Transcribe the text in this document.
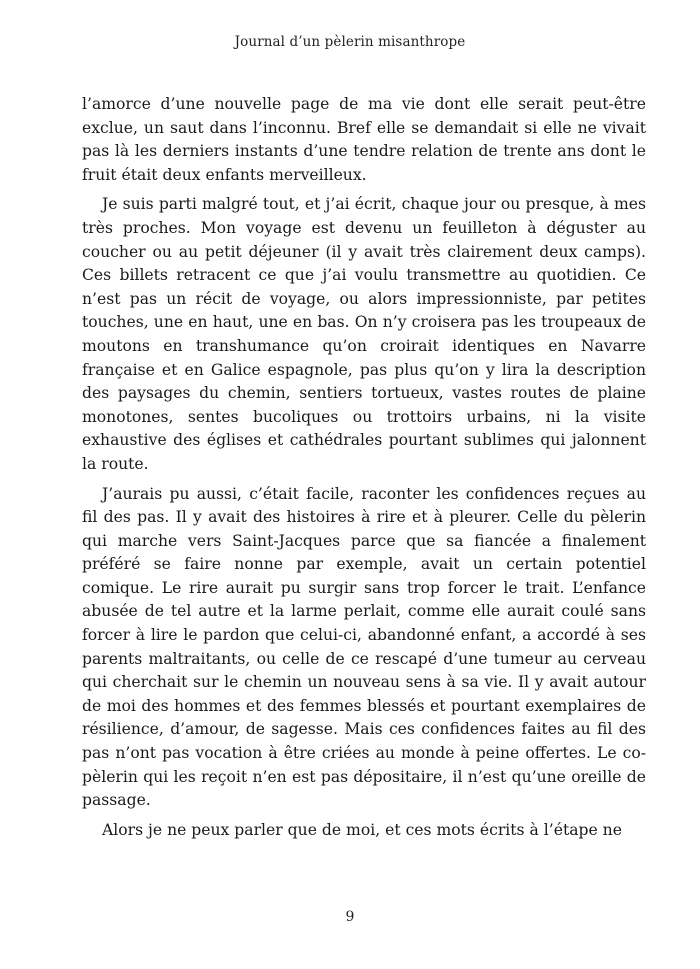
Journal d’un pèlerin misanthrope

l’amorce d’une nouvelle page de ma vie dont elle serait peut-être exclue, un saut dans l’inconnu. Bref elle se demandait si elle ne vivait pas là les derniers instants d’une tendre relation de trente ans dont le fruit était deux enfants merveilleux.

Je suis parti malgré tout, et j’ai écrit, chaque jour ou presque, à mes très proches. Mon voyage est devenu un feuilleton à déguster au coucher ou au petit déjeuner (il y avait très clairement deux camps). Ces billets retracent ce que j’ai voulu transmettre au quotidien. Ce n’est pas un récit de voyage, ou alors impressionniste, par petites touches, une en haut, une en bas. On n’y croisera pas les troupeaux de moutons en transhumance qu’on croirait identiques en Navarre française et en Galice espagnole, pas plus qu’on y lira la description des paysages du chemin, sentiers tortueux, vastes routes de plaine monotones, sentes bucoliques ou trottoirs urbains, ni la visite exhaustive des églises et cathédrales pourtant sublimes qui jalonnent la route.

J’aurais pu aussi, c’était facile, raconter les confidences reçues au fil des pas. Il y avait des histoires à rire et à pleurer. Celle du pèlerin qui marche vers Saint-Jacques parce que sa fiancée a finalement préféré se faire nonne par exemple, avait un certain potentiel comique. Le rire aurait pu surgir sans trop forcer le trait. L’enfance abusée de tel autre et la larme perlait, comme elle aurait coulé sans forcer à lire le pardon que celui-ci, abandonné enfant, a accordé à ses parents maltraitants, ou celle de ce rescapé d’une tumeur au cerveau qui cherchait sur le chemin un nouveau sens à sa vie. Il y avait autour de moi des hommes et des femmes blessés et pourtant exemplaires de résilience, d’amour, de sagesse. Mais ces confidences faites au fil des pas n’ont pas vocation à être criées au monde à peine offertes. Le co-pèlerin qui les reçoit n’en est pas dépositaire, il n’est qu’une oreille de passage.

Alors je ne peux parler que de moi, et ces mots écrits à l’étape ne

9
